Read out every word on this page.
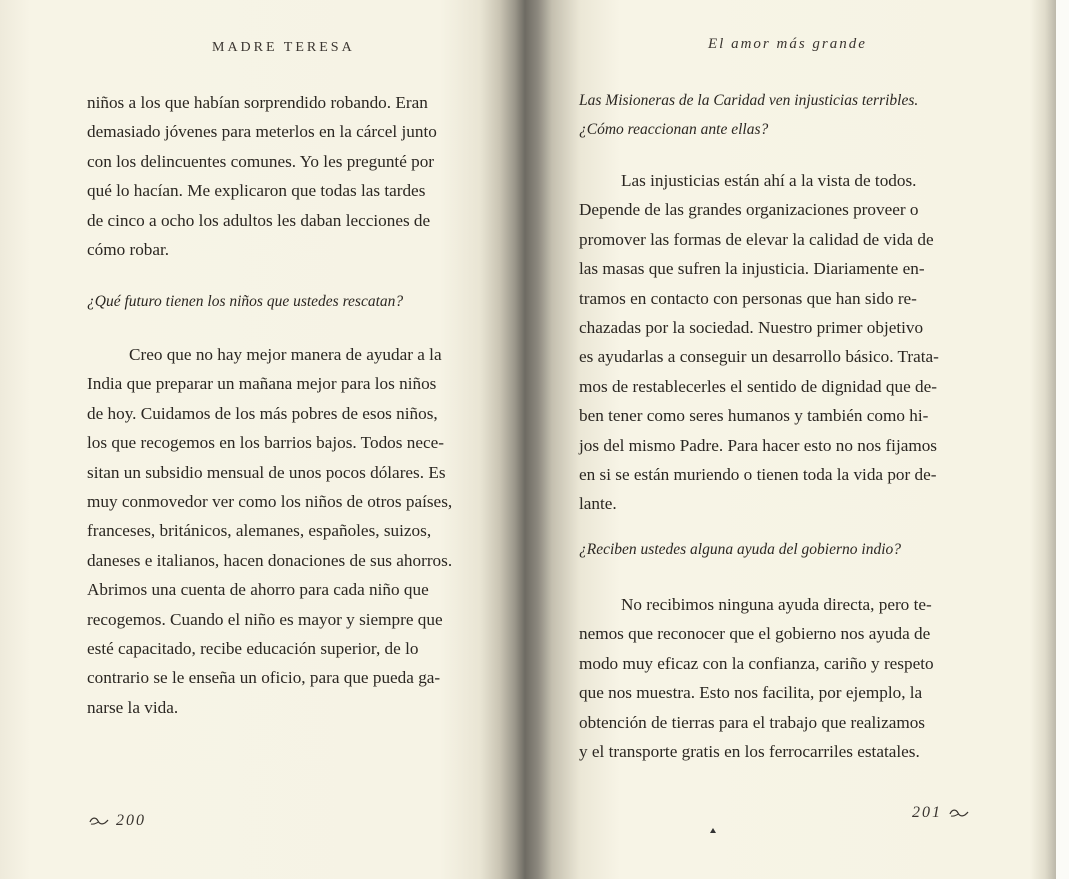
MADRE TERESA

niños a los que habían sorprendido robando. Eran

demasiado jóvenes para meterlos en la cárcel junto

con los delincuentes comunes. Yo les pregunté por

qué lo hacían. Me explicaron que todas las tardes

de cinco a ocho los adultos les daban lecciones de

cómo robar.

¿Qué futuro tienen los niños que ustedes rescatan?

Creo que no hay mejor manera de ayudar a la

India que preparar un mañana mejor para los niños

de hoy. Cuidamos de los más pobres de esos niños,

los que recogemos en los barrios bajos. Todos nece-

sitan un subsidio mensual de unos pocos dólares. Es

muy conmovedor ver como los niños de otros países,

franceses, británicos, alemanes, españoles, suizos,

daneses e italianos, hacen donaciones de sus ahorros.

Abrimos una cuenta de ahorro para cada niño que

recogemos. Cuando el niño es mayor y siempre que

esté capacitado, recibe educación superior, de lo

contrario se le enseña un oficio, para que pueda ga-

narse la vida.

200
El amor más grande

Las Misioneras de la Caridad ven injusticias terribles.

¿Cómo reaccionan ante ellas?

Las injusticias están ahí a la vista de todos.

Depende de las grandes organizaciones proveer o

promover las formas de elevar la calidad de vida de

las masas que sufren la injusticia. Diariamente en-

tramos en contacto con personas que han sido re-

chazadas por la sociedad. Nuestro primer objetivo

es ayudarlas a conseguir un desarrollo básico. Trata-

mos de restablecerles el sentido de dignidad que de-

ben tener como seres humanos y también como hi-

jos del mismo Padre. Para hacer esto no nos fijamos

en si se están muriendo o tienen toda la vida por de-

lante.

¿Reciben ustedes alguna ayuda del gobierno indio?

No recibimos ninguna ayuda directa, pero te-

nemos que reconocer que el gobierno nos ayuda de

modo muy eficaz con la confianza, cariño y respeto

que nos muestra. Esto nos facilita, por ejemplo, la

obtención de tierras para el trabajo que realizamos

y el transporte gratis en los ferrocarriles estatales.

201
